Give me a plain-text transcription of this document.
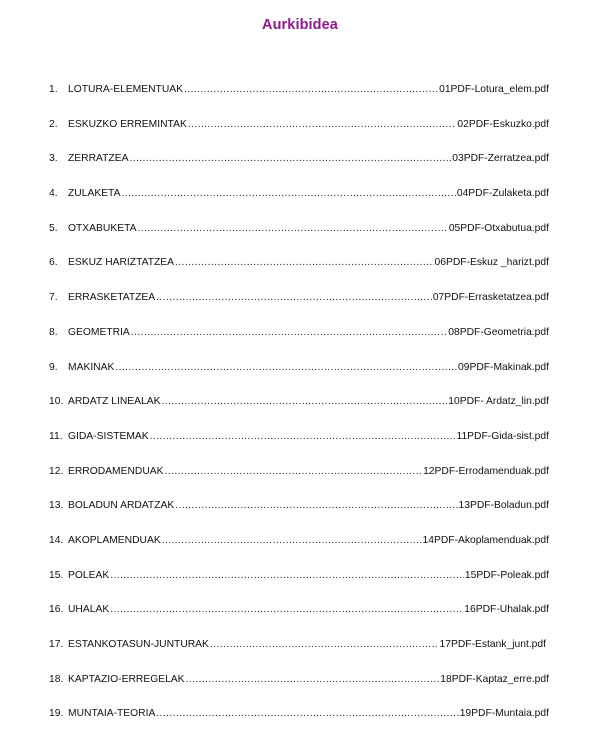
Aurkibidea
1.	LOTURA-ELEMENTUAK .....	01PDF-Lotura_elem.pdf
2.	ESKUZKO ERREMINTAK .....	02PDF-Eskuzko.pdf
3.	ZERRATZEA .....	03PDF-Zerratzea.pdf
4.	ZULAKETA .....	04PDF-Zulaketa.pdf
5.	OTXABUKETA .....	05PDF-Otxabutua.pdf
6.	ESKUZ HARIZTATZEA .....	06PDF-Eskuz _harizt.pdf
7.	ERRASKETATZEA .....	07PDF-Errasketatzea.pdf
8.	GEOMETRIA .....	08PDF-Geometria.pdf
9.	MAKINAK .....	09PDF-Makinak.pdf
10. ARDATZ LINEALAK .....	10PDF- Ardatz_lin.pdf
11. GIDA-SISTEMAK .....	11PDF-Gida-sist.pdf
12. ERRODAMENDUAK .....	12PDF-Errodamenduak.pdf
13. BOLADUN ARDATZAK .....	13PDF-Boladun.pdf
14. AKOPLAMENDUAK .....	14PDF-Akoplamenduak.pdf
15. POLEAK .....	15PDF-Poleak.pdf
16. UHALAK .....	16PDF-Uhalak.pdf
17. ESTANKOTASUN-JUNTURAK .....	17PDF-Estank_junt.pdf
18. KAPTAZIO-ERREGELAK .....	18PDF-Kaptaz_erre.pdf
19. MUNTAIA-TEORIA .....	19PDF-Muntaia.pdf
